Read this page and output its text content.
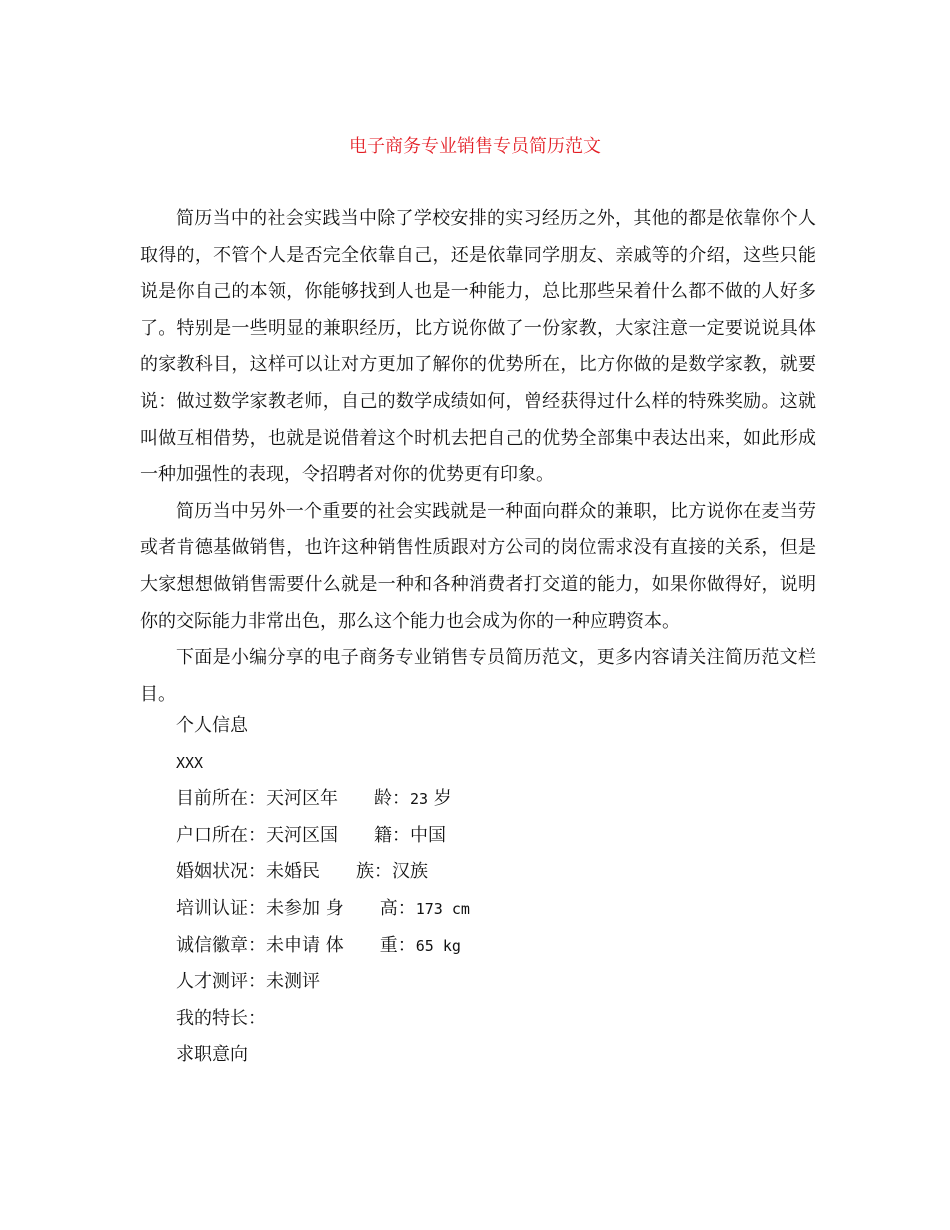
电子商务专业销售专员简历范文

简历当中的社会实践当中除了学校安排的实习经历之外，其他的都是依靠你个人取得的，不管个人是否完全依靠自己，还是依靠同学朋友、亲戚等的介绍，这些只能说是你自己的本领，你能够找到人也是一种能力，总比那些呆着什么都不做的人好多了。特别是一些明显的兼职经历，比方说你做了一份家教，大家注意一定要说说具体的家教科目，这样可以让对方更加了解你的优势所在，比方你做的是数学家教，就要说：做过数学家教老师，自己的数学成绩如何，曾经获得过什么样的特殊奖励。这就叫做互相借势，也就是说借着这个时机去把自己的优势全部集中表达出来，如此形成一种加强性的表现，令招聘者对你的优势更有印象。

简历当中另外一个重要的社会实践就是一种面向群众的兼职，比方说你在麦当劳或者肯德基做销售，也许这种销售性质跟对方公司的岗位需求没有直接的关系，但是大家想想做销售需要什么就是一种和各种消费者打交道的能力，如果你做得好，说明你的交际能力非常出色，那么这个能力也会成为你的一种应聘资本。

下面是小编分享的电子商务专业销售专员简历范文，更多内容请关注简历范文栏目。

个人信息
XXX
目前所在：天河区年 龄：23 岁
户口所在：天河区国 籍：中国
婚姻状况：未婚民 族：汉族
培训认证：未参加 身 高：173 cm
诚信徽章：未申请 体 重：65 kg
人才测评：未测评
我的特长：
求职意向
